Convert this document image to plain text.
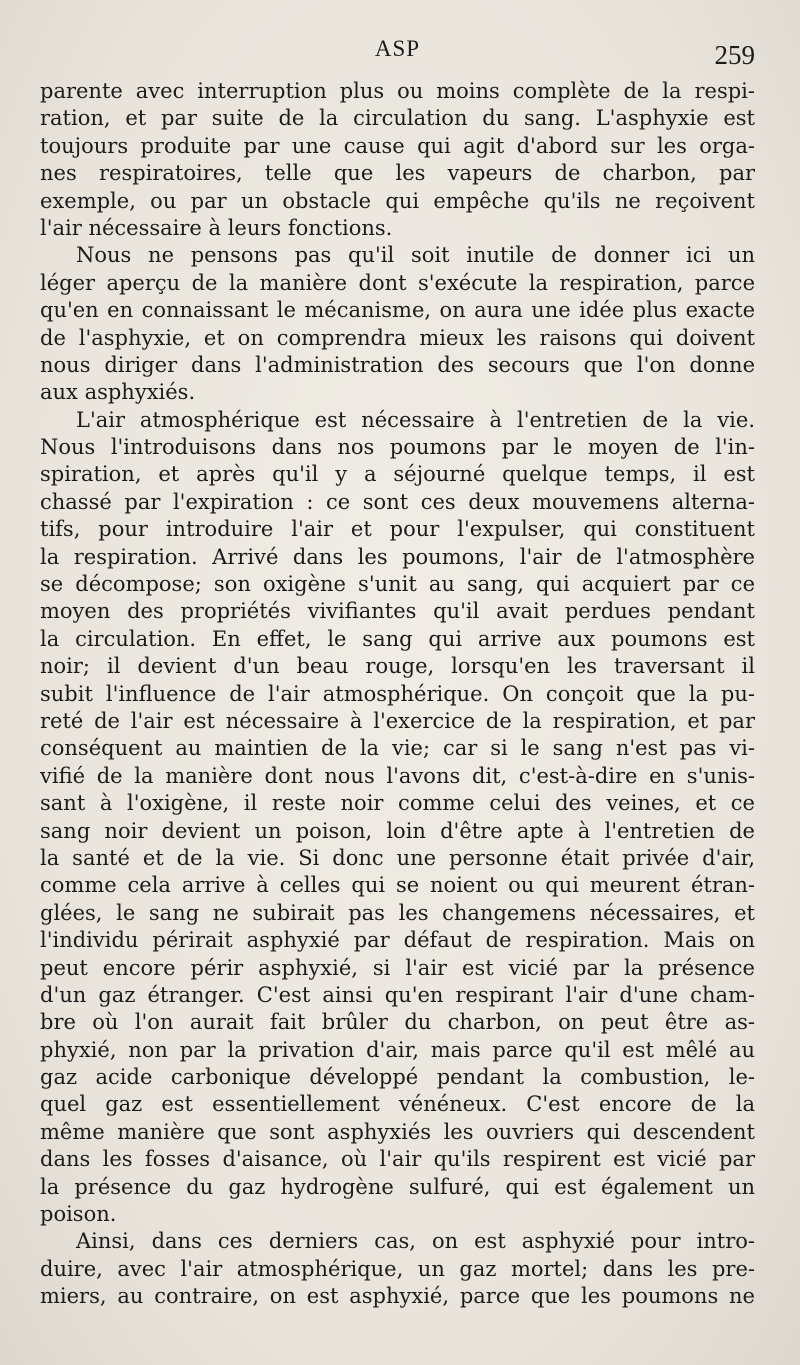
ASP	259
parente avec interruption plus ou moins complète de la respi-
ration, et par suite de la circulation du sang. L'asphyxie est
toujours produite par une cause qui agit d'abord sur les orga-
nes respiratoires, telle que les vapeurs de charbon, par
exemple, ou par un obstacle qui empêche qu'ils ne reçoivent
l'air nécessaire à leurs fonctions.
Nous ne pensons pas qu'il soit inutile de donner ici un
léger aperçu de la manière dont s'exécute la respiration, parce
qu'en en connaissant le mécanisme, on aura une idée plus exacte
de l'asphyxie, et on comprendra mieux les raisons qui doivent
nous diriger dans l'administration des secours que l'on donne
aux asphyxiés.
L'air atmosphérique est nécessaire à l'entretien de la vie.
Nous l'introduisons dans nos poumons par le moyen de l'in-
spiration, et après qu'il y a séjourné quelque temps, il est
chassé par l'expiration : ce sont ces deux mouvemens alterna-
tifs, pour introduire l'air et pour l'expulser, qui constituent
la respiration. Arrivé dans les poumons, l'air de l'atmosphère
se décompose; son oxigène s'unit au sang, qui acquiert par ce
moyen des propriétés vivifiantes qu'il avait perdues pendant
la circulation. En effet, le sang qui arrive aux poumons est
noir; il devient d'un beau rouge, lorsqu'en les traversant il
subit l'influence de l'air atmosphérique. On conçoit que la pu-
reté de l'air est nécessaire à l'exercice de la respiration, et par
conséquent au maintien de la vie; car si le sang n'est pas vi-
vifié de la manière dont nous l'avons dit, c'est-à-dire en s'unis-
sant à l'oxigène, il reste noir comme celui des veines, et ce
sang noir devient un poison, loin d'être apte à l'entretien de
la santé et de la vie. Si donc une personne était privée d'air,
comme cela arrive à celles qui se noient ou qui meurent étran-
glées, le sang ne subirait pas les changemens nécessaires, et
l'individu périrait asphyxié par défaut de respiration. Mais on
peut encore périr asphyxié, si l'air est vicié par la présence
d'un gaz étranger. C'est ainsi qu'en respirant l'air d'une cham-
bre où l'on aurait fait brûler du charbon, on peut être as-
phyxié, non par la privation d'air, mais parce qu'il est mêlé au
gaz acide carbonique développé pendant la combustion, le-
quel gaz est essentiellement vénéneux. C'est encore de la
même manière que sont asphyxiés les ouvriers qui descendent
dans les fosses d'aisance, où l'air qu'ils respirent est vicié par
la présence du gaz hydrogène sulfuré, qui est également un
poison.
Ainsi, dans ces derniers cas, on est asphyxié pour intro-
duire, avec l'air atmosphérique, un gaz mortel; dans les pre-
miers, au contraire, on est asphyxié, parce que les poumons ne
